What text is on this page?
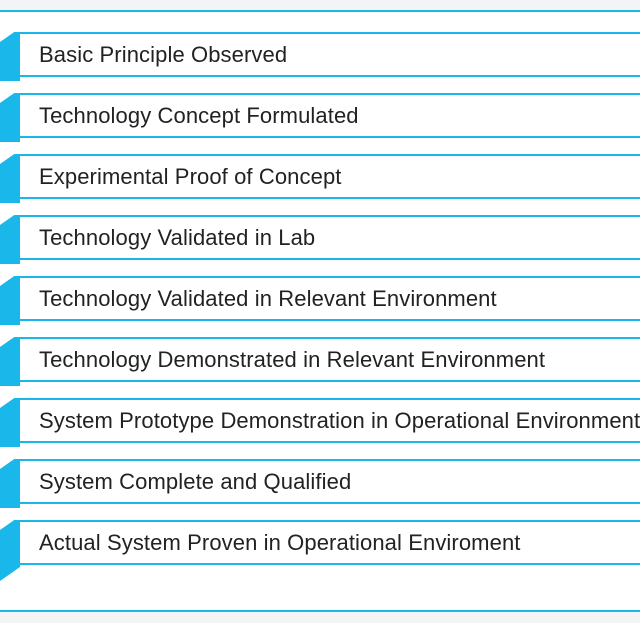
Basic Principle Observed
Technology Concept Formulated
Experimental Proof of Concept
Technology Validated in Lab
Technology Validated in Relevant Environment
Technology Demonstrated in Relevant Environment
System Prototype Demonstration in Operational Environment
System Complete and Qualified
Actual System Proven in Operational Enviroment
